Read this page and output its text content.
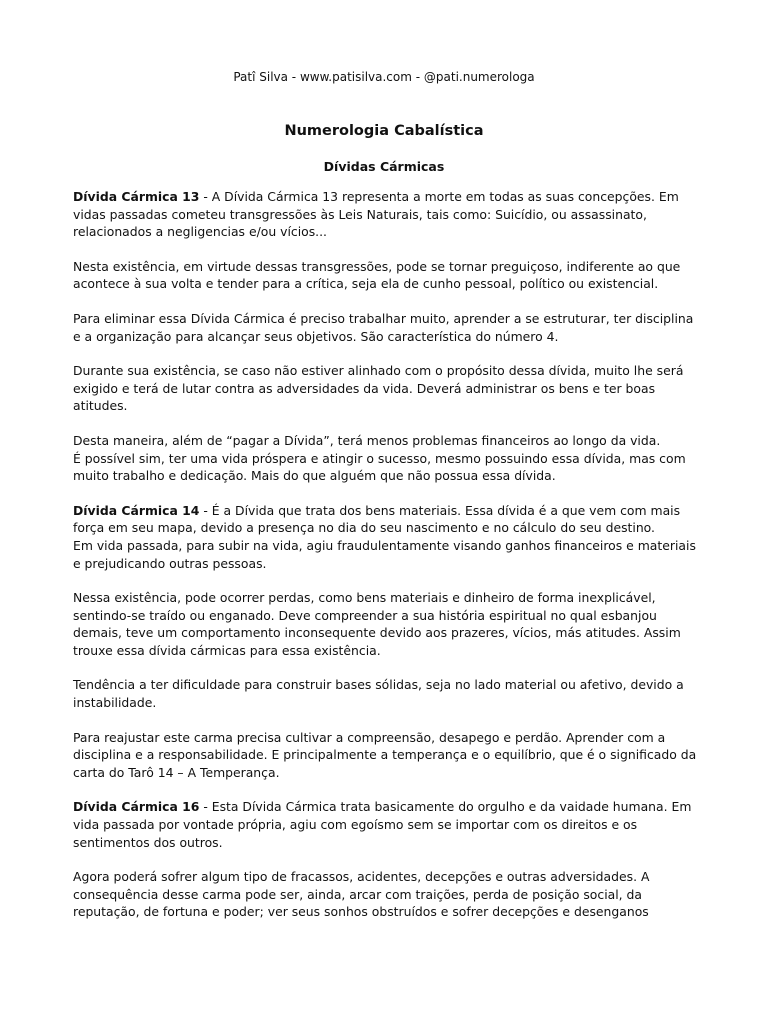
Patî Silva - www.patisilva.com - @pati.numerologa
Numerologia Cabalística
Dívidas Cármicas

Dívida Cármica 13 - A Dívida Cármica 13 representa a morte em todas as suas concepções. Em vidas passadas cometeu transgressões às Leis Naturais, tais como: Suicídio, ou assassinato, relacionados a negligencias e/ou vícios...

Nesta existência, em virtude dessas transgressões, pode se tornar preguiçoso, indiferente ao que acontece à sua volta e tender para a crítica, seja ela de cunho pessoal, político ou existencial.

Para eliminar essa Dívida Cármica é preciso trabalhar muito, aprender a se estruturar, ter disciplina e a organização para alcançar seus objetivos. São característica do número 4.

Durante sua existência, se caso não estiver alinhado com o propósito dessa dívida, muito lhe será exigido e terá de lutar contra as adversidades da vida. Deverá administrar os bens e ter boas atitudes.

Desta maneira, além de “pagar a Dívida”, terá menos problemas financeiros ao longo da vida.

É possível sim, ter uma vida próspera e atingir o sucesso, mesmo possuindo essa dívida, mas com muito trabalho e dedicação. Mais do que alguém que não possua essa dívida.

Dívida Cármica 14 - É a Dívida que trata dos bens materiais. Essa dívida é a que vem com mais força em seu mapa, devido a presença no dia do seu nascimento e no cálculo do seu destino.

Em vida passada, para subir na vida, agiu fraudulentamente visando ganhos financeiros e materiais e prejudicando outras pessoas.

Nessa existência, pode ocorrer perdas, como bens materiais e dinheiro de forma inexplicável, sentindo-se traído ou enganado. Deve compreender a sua história espiritual no qual esbanjou demais, teve um comportamento inconsequente devido aos prazeres, vícios, más atitudes. Assim trouxe essa dívida cármicas para essa existência.

Tendência a ter dificuldade para construir bases sólidas, seja no lado material ou afetivo, devido a instabilidade.

Para reajustar este carma precisa cultivar a compreensão, desapego e perdão. Aprender com a disciplina e a responsabilidade. E principalmente a temperança e o equilíbrio, que é o significado da carta do Tarô 14 – A Temperança.

Dívida Cármica 16 - Esta Dívida Cármica trata basicamente do orgulho e da vaidade humana. Em vida passada por vontade própria, agiu com egoísmo sem se importar com os direitos e os sentimentos dos outros.

Agora poderá sofrer algum tipo de fracassos, acidentes, decepções e outras adversidades. A consequência desse carma pode ser, ainda, arcar com traições, perda de posição social, da reputação, de fortuna e poder; ver seus sonhos obstruídos e sofrer decepções e desenganos
